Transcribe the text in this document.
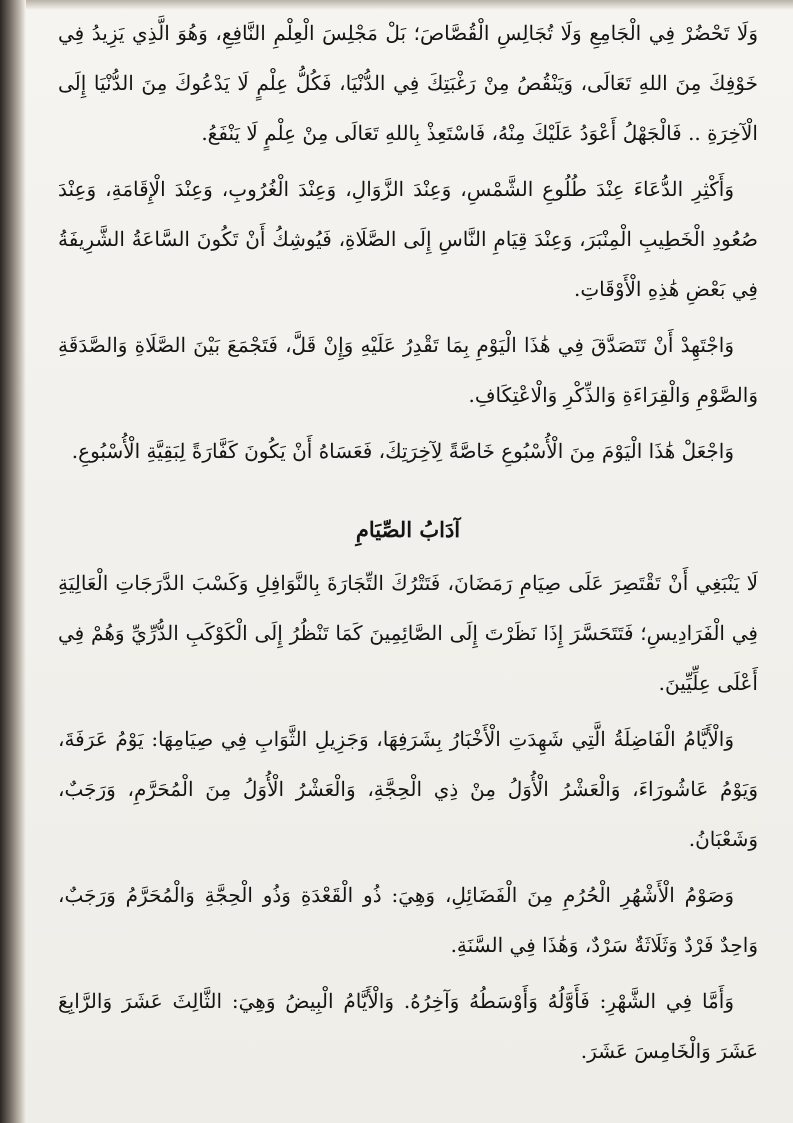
وَلَا تَحْضُرْ فِي الْجَامِعِ وَلَا تُجَالِسِ الْقُصَّاصَ؛ بَلْ مَجْلِسَ الْعِلْمِ النَّافِعِ، وَهُوَ الَّذِي يَزِيدُ فِي خَوْفِكَ مِنَ اللهِ تَعَالَى، وَيَنْقُصُ مِنْ رَغْبَتِكَ فِي الدُّنْيَا، فَكُلُّ عِلْمٍ لَا يَدْعُوكَ مِنَ الدُّنْيَا إِلَى الْآخِرَةِ .. فَالْجَهْلُ أَعْوَدُ عَلَيْكَ مِنْهُ، فَاسْتَعِذْ بِاللهِ تَعَالَى مِنْ عِلْمٍ لَا يَنْفَعُ.

وَأَكْثِرِ الدُّعَاءَ عِنْدَ طُلُوعِ الشَّمْسِ، وَعِنْدَ الزَّوَالِ، وَعِنْدَ الْغُرُوبِ، وَعِنْدَ الْإِقَامَةِ، وَعِنْدَ صُعُودِ الْخَطِيبِ الْمِنْبَرَ، وَعِنْدَ قِيَامِ النَّاسِ إِلَى الصَّلَاةِ، فَيُوشِكُ أَنْ تَكُونَ السَّاعَةُ الشَّرِيفَةُ فِي بَعْضِ هَٰذِهِ الْأَوْقَاتِ.

وَاجْتَهِدْ أَنْ تَتَصَدَّقَ فِي هَٰذَا الْيَوْمِ بِمَا تَقْدِرُ عَلَيْهِ وَإِنْ قَلَّ، فَتَجْمَعَ بَيْنَ الصَّلَاةِ وَالصَّدَقَةِ وَالصَّوْمِ وَالْقِرَاءَةِ وَالذِّكْرِ وَالْاعْتِكَافِ.

وَاجْعَلْ هَٰذَا الْيَوْمَ مِنَ الْأُسْبُوعِ خَاصَّةً لِآخِرَتِكَ، فَعَسَاهُ أَنْ يَكُونَ كَفَّارَةً لِبَقِيَّةِ الْأُسْبُوعِ.

آدَابُ الصِّيَامِ

لَا يَنْبَغِي أَنْ تَقْتَصِرَ عَلَى صِيَامِ رَمَضَانَ، فَتَتْرُكَ التِّجَارَةَ بِالنَّوَافِلِ وَكَسْبَ الدَّرَجَاتِ الْعَالِيَةِ فِي الْفَرَادِيسِ؛ فَتَتَحَسَّرَ إِذَا نَظَرْتَ إِلَى الصَّائِمِينَ كَمَا تَنْظُرُ إِلَى الْكَوْكَبِ الدُّرِّيِّ وَهُمْ فِي أَعْلَى عِلِّيِّينَ.

وَالْأَيَّامُ الْفَاضِلَةُ الَّتِي شَهِدَتِ الْأَخْبَارُ بِشَرَفِهَا، وَجَزِيلِ الثَّوَابِ فِي صِيَامِهَا: يَوْمُ عَرَفَةَ، وَيَوْمُ عَاشُورَاءَ، وَالْعَشْرُ الْأُوَلُ مِنْ ذِي الْحِجَّةِ، وَالْعَشْرُ الْأُوَلُ مِنَ الْمُحَرَّمِ، وَرَجَبٌ، وَشَعْبَانُ.

وَصَوْمُ الْأَشْهُرِ الْحُرُمِ مِنَ الْفَضَائِلِ، وَهِيَ: ذُو الْقَعْدَةِ وَذُو الْحِجَّةِ وَالْمُحَرَّمُ وَرَجَبٌ، وَاحِدٌ فَرْدٌ وَثَلَاثَةٌ سَرْدٌ، وَهَٰذَا فِي السَّنَةِ.

وَأَمَّا فِي الشَّهْرِ: فَأَوَّلُهُ وَأَوْسَطُهُ وَآخِرُهُ. وَالْأَيَّامُ الْبِيضُ وَهِيَ: الثَّالِثَ عَشَرَ وَالرَّابِعَ عَشَرَ وَالْخَامِسَ عَشَرَ.
